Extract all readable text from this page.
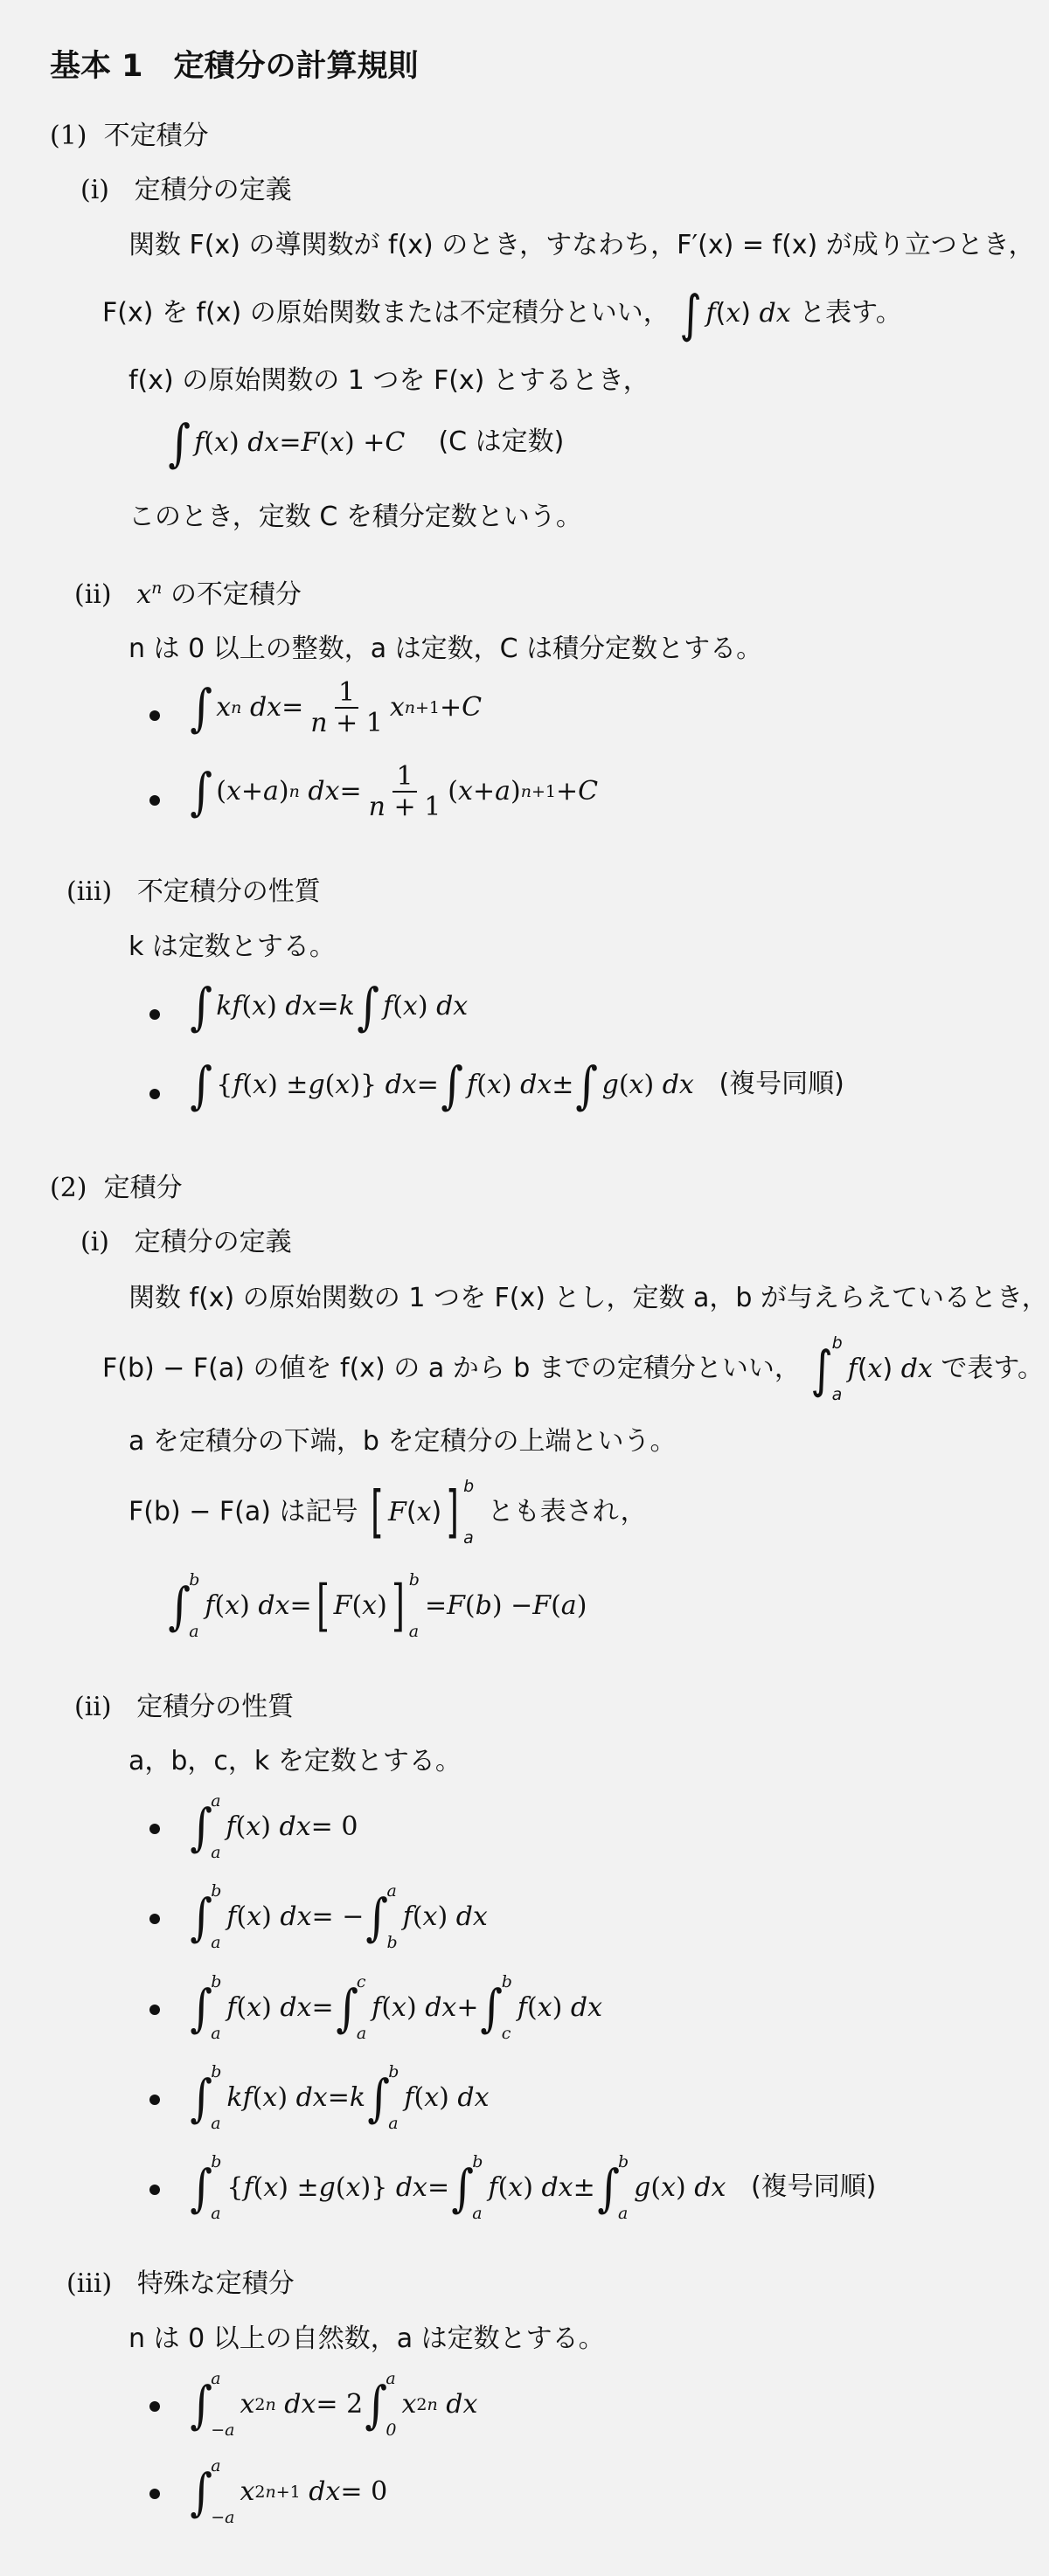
基本 1　定積分の計算規則
(1) 不定積分
(i) 定積分の定義
関数 F(x) の導関数が f(x) のとき，すなわち，F′(x) = f(x) が成り立つとき，
F(x) を f(x) の原始関数または不定積分といい， ∫ f ( x ) dx と表す。
f(x) の原始関数の 1 つを F(x) とするとき，
∫ f ( x ) dx = F ( x ) + C (C は定数)
このとき，定数 C を積分定数という。
(ii) $x^n$ の不定積分
n は 0 以上の整数，a は定数，C は積分定数とする。
∫ x n
dx = $\frac{1}{n + 1}$ x n+1 + C
∫ ( x + a ) n
dx = $\frac{1}{n + 1}$ ( x + a ) n+1 + C
(iii) 不定積分の性質
k は定数とする。
∫ kf ( x ) dx = k ∫ f ( x ) dx
∫ { f ( x ) ± g ( x )} dx = ∫ f ( x ) dx ± ∫ g ( x ) dx (複号同順)
(2) 定積分
(i) 定積分の定義
関数 f(x) の原始関数の 1 つを F(x) とし，定数 a，b が与えらえているとき，
F(b) − F(a) の値を f(x) の a から b までの定積分といい， ∫
b
a
f ( x ) dx で表す。
a を定積分の下端，b を定積分の上端という。
F(b) − F(a) は記号 [ F ( x ) ] b
a
とも表され，
∫
b
a
f ( x ) dx = [ F ( x ) ] b
a
= F ( b ) − F ( a )
(ii) 定積分の性質
a，b，c，k を定数とする。
∫
a
a
f ( x ) dx = 0
∫
b
a
f ( x ) dx = − ∫
a
b
f ( x ) dx
∫
b
a
f ( x ) dx = ∫
c
a
f ( x ) dx + ∫
b
c
f ( x ) dx
∫
b
a
kf ( x ) dx = k ∫
b
a
f ( x ) dx
∫
b
a
{ f ( x ) ± g ( x )} dx = ∫
b
a
f ( x ) dx ± ∫
b
a
g ( x ) dx (複号同順)
(iii) 特殊な定積分
n は 0 以上の自然数，a は定数とする。
∫
a
−a
x 2n
dx = 2 ∫
a
0
x 2n
dx
∫
a
−a
x 2n+1
dx = 0
